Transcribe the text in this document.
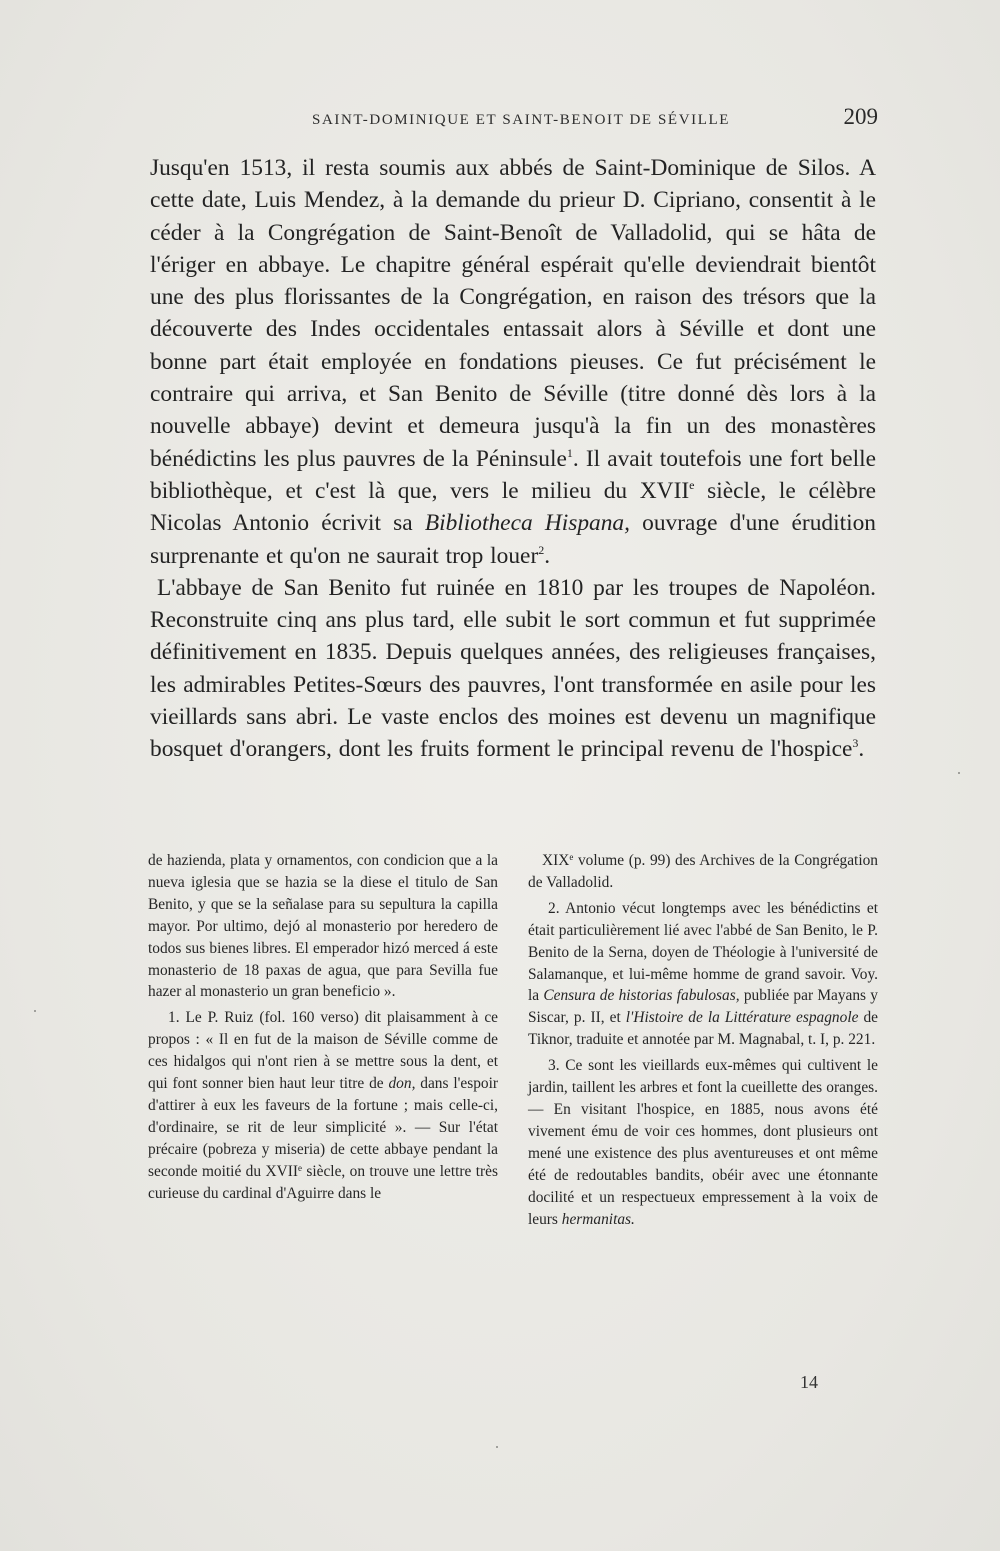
SAINT-DOMINIQUE ET SAINT-BENOIT DE SÉVILLE	209

Jusqu'en 1513, il resta soumis aux abbés de Saint-Dominique de Silos. A cette date, Luis Mendez, à la demande du prieur D. Cipriano, consentit à le céder à la Congrégation de Saint-Benoît de Valladolid, qui se hâta de l'ériger en abbaye. Le chapitre général espérait qu'elle deviendrait bientôt une des plus florissantes de la Congrégation, en raison des trésors que la découverte des Indes occidentales entassait alors à Séville et dont une bonne part était employée en fondations pieuses. Ce fut précisément le contraire qui arriva, et San Benito de Séville (titre donné dès lors à la nouvelle abbaye) devint et demeura jusqu'à la fin un des monastères bénédictins les plus pauvres de la Péninsule$^1$. Il avait toutefois une fort belle bibliothèque, et c'est là que, vers le milieu du XVIIe siècle, le célèbre Nicolas Antonio écrivit sa Bibliotheca Hispana, ouvrage d'une érudition surprenante et qu'on ne saurait trop louer$^2$.

L'abbaye de San Benito fut ruinée en 1810 par les troupes de Napoléon. Reconstruite cinq ans plus tard, elle subit le sort commun et fut supprimée définitivement en 1835. Depuis quelques années, des religieuses françaises, les admirables Petites-Sœurs des pauvres, l'ont transformée en asile pour les vieillards sans abri. Le vaste enclos des moines est devenu un magnifique bosquet d'orangers, dont les fruits forment le principal revenu de l'hospice$^3$.

de hazienda, plata y ornamentos, con condicion que a la nueva iglesia que se hazia se la diese el titulo de San Benito, y que se la señalase para su sepultura la capilla mayor. Por ultimo, dejó al monasterio por heredero de todos sus bienes libres. El emperador hizó merced á este monasterio de 18 paxas de agua, que para Sevilla fue hazer al monasterio un gran beneficio ».

1. Le P. Ruiz (fol. 160 verso) dit plaisamment à ce propos : « Il en fut de la maison de Séville comme de ces hidalgos qui n'ont rien à se mettre sous la dent, et qui font sonner bien haut leur titre de don, dans l'espoir d'attirer à eux les faveurs de la fortune ; mais celle-ci, d'ordinaire, se rit de leur simplicité ». — Sur l'état précaire (pobreza y miseria) de cette abbaye pendant la seconde moitié du XVIIe siècle, on trouve une lettre très curieuse du cardinal d'Aguirre dans le

XIXe volume (p. 99) des Archives de la Congrégation de Valladolid.

2. Antonio vécut longtemps avec les bénédictins et était particulièrement lié avec l'abbé de San Benito, le P. Benito de la Serna, doyen de Théologie à l'université de Salamanque, et lui-même homme de grand savoir. Voy. la Censura de historias fabulosas, publiée par Mayans y Siscar, p. II, et l'Histoire de la Littérature espagnole de Tiknor, traduite et annotée par M. Magnabal, t. I, p. 221.

3. Ce sont les vieillards eux-mêmes qui cultivent le jardin, taillent les arbres et font la cueillette des oranges. — En visitant l'hospice, en 1885, nous avons été vivement ému de voir ces hommes, dont plusieurs ont mené une existence des plus aventureuses et ont même été de redoutables bandits, obéir avec une étonnante docilité et un respectueux empressement à la voix de leurs hermanitas.

14
